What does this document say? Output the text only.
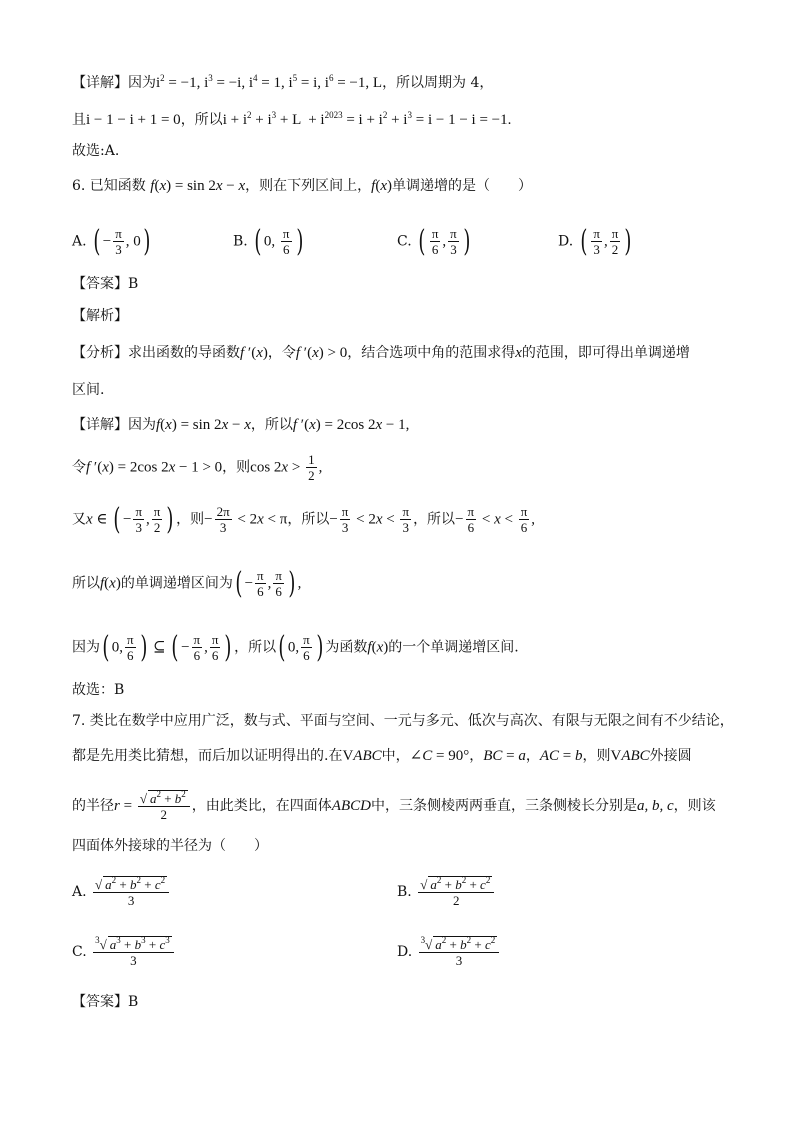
【详解】因为$i^2 = -1$, $i^3 = -i$, $i^4 = 1$, $i^5 = i$, $i^6 = -1$, L，所以周期为 4，
且i − 1 − i + 1 = 0，所以$i + i^2 + i^3 + L + i^{2023} = i + i^2 + i^3 = i - 1 - i = -1$.
故选:A.
6. 已知函数 f(x) = sin 2x − x，则在下列区间上，f(x)单调递增的是（　　）
A. ( − $\frac{\pi}{3}$ , 0)	B. ( 0, $\frac{\pi}{6}$ )	C. ( $\frac{\pi}{6}$ , $\frac{\pi}{3}$ )	D. ( $\frac{\pi}{3}$ , $\frac{\pi}{2}$ )
【答案】B
【解析】
【分析】求出函数的导函数f ′(x)，令f ′(x) > 0，结合选项中角的范围求得x的范围，即可得出单调递增
区间.
【详解】因为f(x) = sin 2x − x，所以f ′(x) = 2cos 2x − 1,
令f ′(x) = 2cos 2x − 1 > 0，则$\cos 2x > \frac{1}{2}$ ,
又x ∈ ( − $\frac{\pi}{3}$ , $\frac{\pi}{2}$ ) ，则− $\frac{2\pi}{3} < 2x < \pi$，所以− $\frac{\pi}{3} < 2x < \frac{\pi}{3}$ ，所以− $\frac{\pi}{6} < x < \frac{\pi}{6}$ ,
所以f(x)的单调递增区间为( − $\frac{\pi}{6}$ , $\frac{\pi}{6}$ ) ,
因为( 0, $\frac{\pi}{6}$ ) ⊆ ( − $\frac{\pi}{6}$ , $\frac{\pi}{6}$ ) ，所以( 0, $\frac{\pi}{6}$ ) 为函数f(x)的一个单调递增区间.
故选：B
7. 类比在数学中应用广泛，数与式、平面与空间、一元与多元、低次与高次、有限与无限之间有不少结论，
都是先用类比猜想，而后加以证明得出的.在VABC中，∠C = 90°，BC = a，AC = b，则VABC外接圆
的半径$r = \frac{√ a^2 + b^2}{2}$ ，由此类比，在四面体ABCD中，三条侧棱两两垂直，三条侧棱长分别是a, b, c，则该
四面体外接球的半径为（　　）
A. $\frac{√ a^2 + b^2 + c^2}{3}$	B. $\frac{√ a^2 + b^2 + c^2}{2}$
C. $\frac{^3√ a^3 + b^3 + c^3}{3}$	D. $\frac{^3√ a^2 + b^2 + c^2}{3}$
【答案】B
